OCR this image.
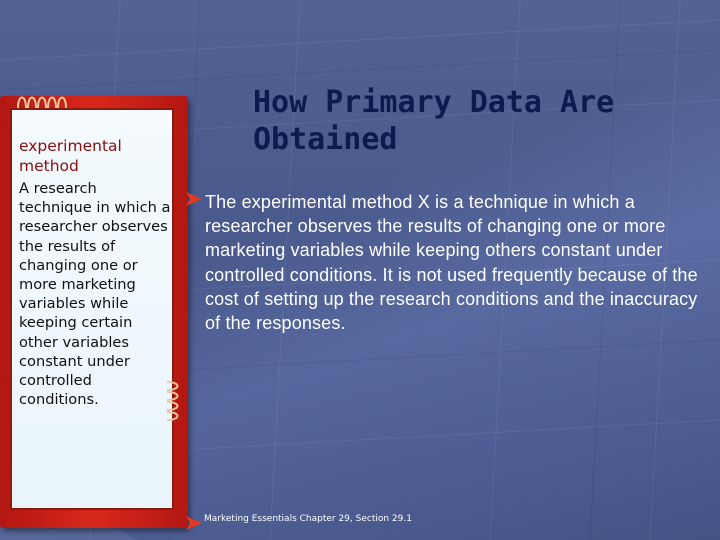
experimental method
A research technique in which a researcher observes the results of changing one or more marketing variables while keeping certain other variables constant under controlled conditions.
How Primary Data Are Obtained
The experimental method X is a technique in which a researcher observes the results of changing one or more marketing variables while keeping others constant under controlled conditions. It is not used frequently because of the cost of setting up the research conditions and the inaccuracy of the responses.
Marketing Essentials Chapter 29, Section 29.1
